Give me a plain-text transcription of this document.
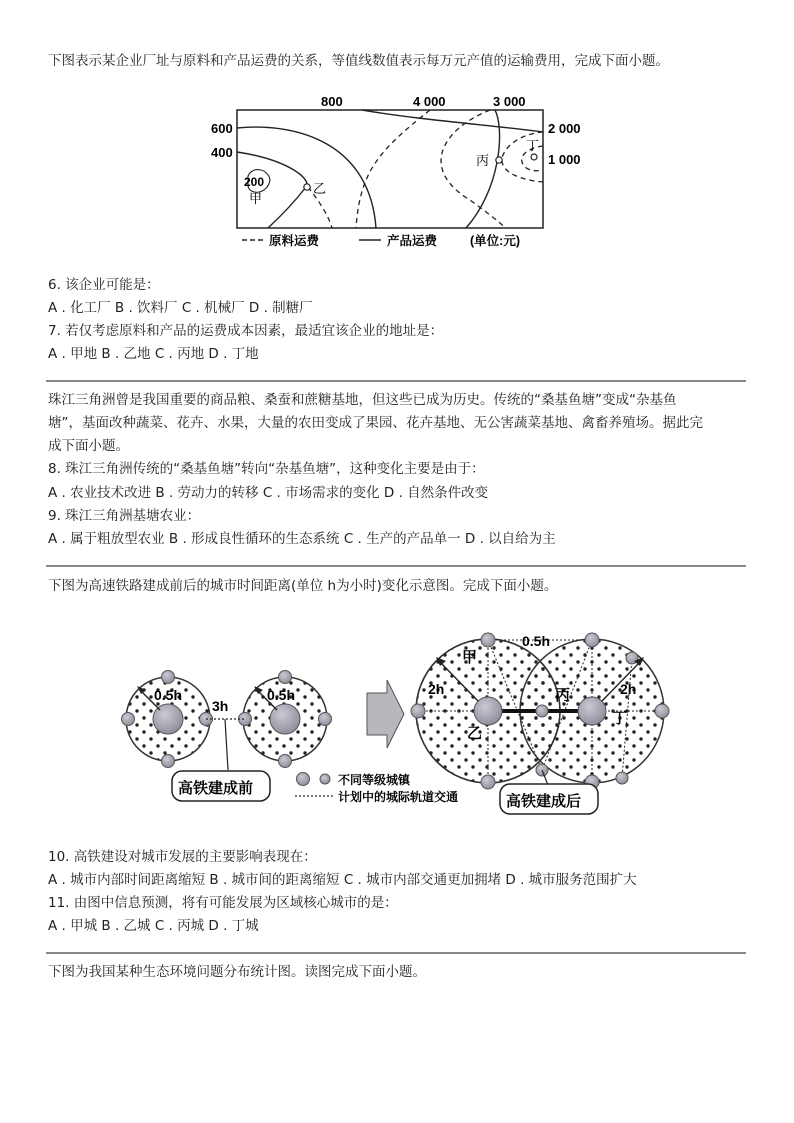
下图表示某企业厂址与原料和产品运费的关系，等值线数值表示每万元产值的运输费用，完成下面小题。
800	4 000	3 000
600
400
2 000
1 000
200
甲
乙
丙
丁
原料运费	产品运费	(单位:元)
6. 该企业可能是：
A . 化工厂 B . 饮料厂 C . 机械厂 D . 制糖厂
7. 若仅考虑原料和产品的运费成本因素，最适宜该企业的地址是：
A . 甲地 B . 乙地 C . 丙地 D . 丁地
珠江三角洲曾是我国重要的商品粮、桑蚕和蔗糖基地，但这些已成为历史。传统的“桑基鱼塘”变成“杂基鱼
塘”，基面改种蔬菜、花卉、水果，大量的农田变成了果园、花卉基地、无公害蔬菜基地、禽畜养殖场。据此完
成下面小题。
8. 珠江三角洲传统的“桑基鱼塘”转向“杂基鱼塘”，这种变化主要是由于：
A . 农业技术改进 B . 劳动力的转移 C . 市场需求的变化 D . 自然条件改变
9. 珠江三角洲基塘农业：
A . 属于粗放型农业 B . 形成良性循环的生态系统 C . 生产的产品单一 D . 以自给为主
下图为高速铁路建成前后的城市时间距离(单位 h为小时)变化示意图。完成下面小题。
0.5h	0.5h
3h
高铁建成前	不同等级城镇
计划中的城际轨道交通
0.5h
2h	2h
甲
乙
丙
丁
高铁建成后
10. 高铁建设对城市发展的主要影响表现在：
A . 城市内部时间距离缩短 B . 城市间的距离缩短 C . 城市内部交通更加拥堵 D . 城市服务范围扩大
11. 由图中信息预测，将有可能发展为区域核心城市的是：
A . 甲城 B . 乙城 C . 丙城 D . 丁城
下图为我国某种生态环境问题分布统计图。读图完成下面小题。
